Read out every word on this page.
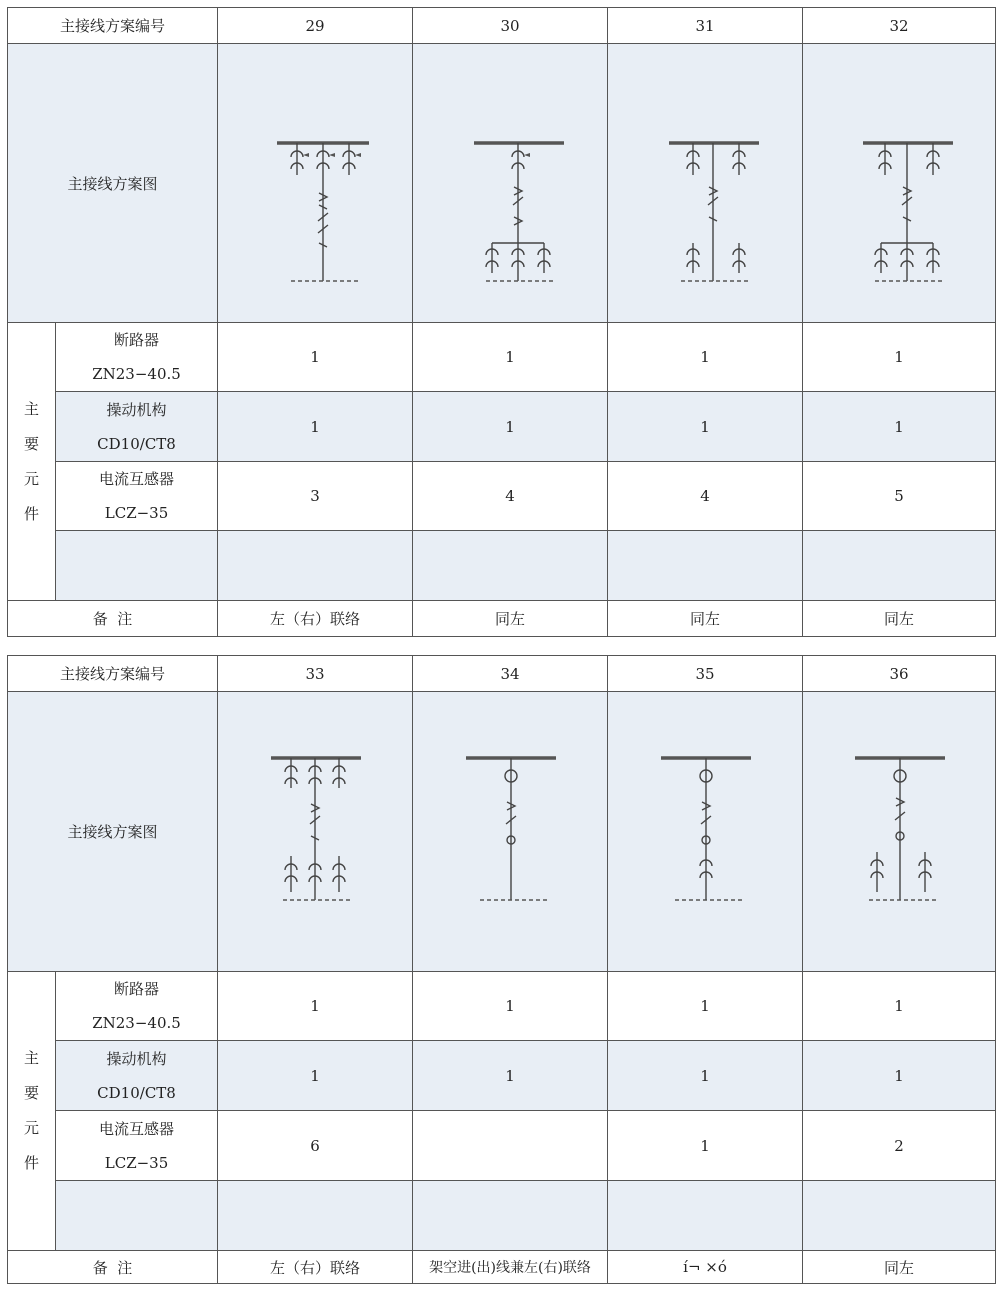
主接线方案编号		29	30	31	32
主接线方案图	

主
要
元
件	断路器
ZN23−40.5	1	1	1	1

	操动机构
CD10/CT8	1	1	1	1

	电流互感器
LCZ−35	3	4	4	5

备  注		左（右）联络	同左	同左	同左
主接线方案编号		33	34	35	36
主接线方案图	

主
要
元
件	断路器
ZN23−40.5	1	1	1	1

	操动机构
CD10/CT8	1	1	1	1

	电流互感器
LCZ−35	6		1	2

备  注		左（右）联络	架空进(出)线兼左(右)联络	í¬ ×ó	同左
